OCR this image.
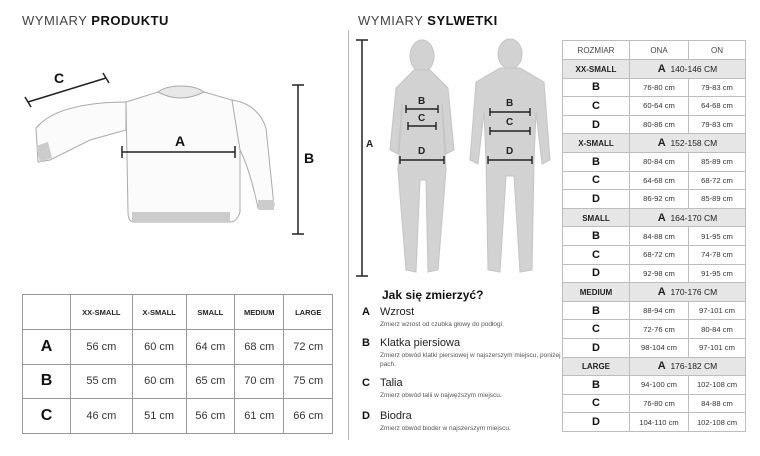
WYMIARY PRODUKTU
A
B
C
	XX-SMALL	X-SMALL	SMALL	MEDIUM	LARGE
A	56 cm	60 cm	64 cm	68 cm	72 cm
B	55 cm	60 cm	65 cm	70 cm	75 cm
C	46 cm	51 cm	56 cm	61 cm	66 cm
WYMIARY SYLWETKI
A
B
C
D
B
C
D
Jak się zmierzyć?
A Wzrost
Zmierz wzrost od czubka głowy do podłogi.
B Klatka piersiowa
Zmierz obwód klatki piersiowej w najszerszym miejscu, poniżej pach.
C Talia
Zmierz obwód talii w najwęższym miejscu.
D Biodra
Zmierz obwód bioder w najszerszym miejscu.
ROZMIAR	ONA	ON
XX-SMALL	A 140-146 CM	
B	76-80 cm	79-83 cm
C	60-64 cm	64-68 cm
D	80-86 cm	79-83 cm
X-SMALL	A 152-158 CM	
B	80-84 cm	85-89 cm
C	64-68 cm	68-72 cm
D	86-92 cm	85-89 cm
SMALL	A 164-170 CM	
B	84-88 cm	91-95 cm
C	68-72 cm	74-78 cm
D	92-98 cm	91-95 cm
MEDIUM	A 170-176 CM	
B	88-94 cm	97-101 cm
C	72-76 cm	80-84 cm
D	98-104 cm	97-101 cm
LARGE	A 176-182 CM	
B	94-100 cm	102-108 cm
C	76-80 cm	84-88 cm
D	104-110 cm	102-108 cm
